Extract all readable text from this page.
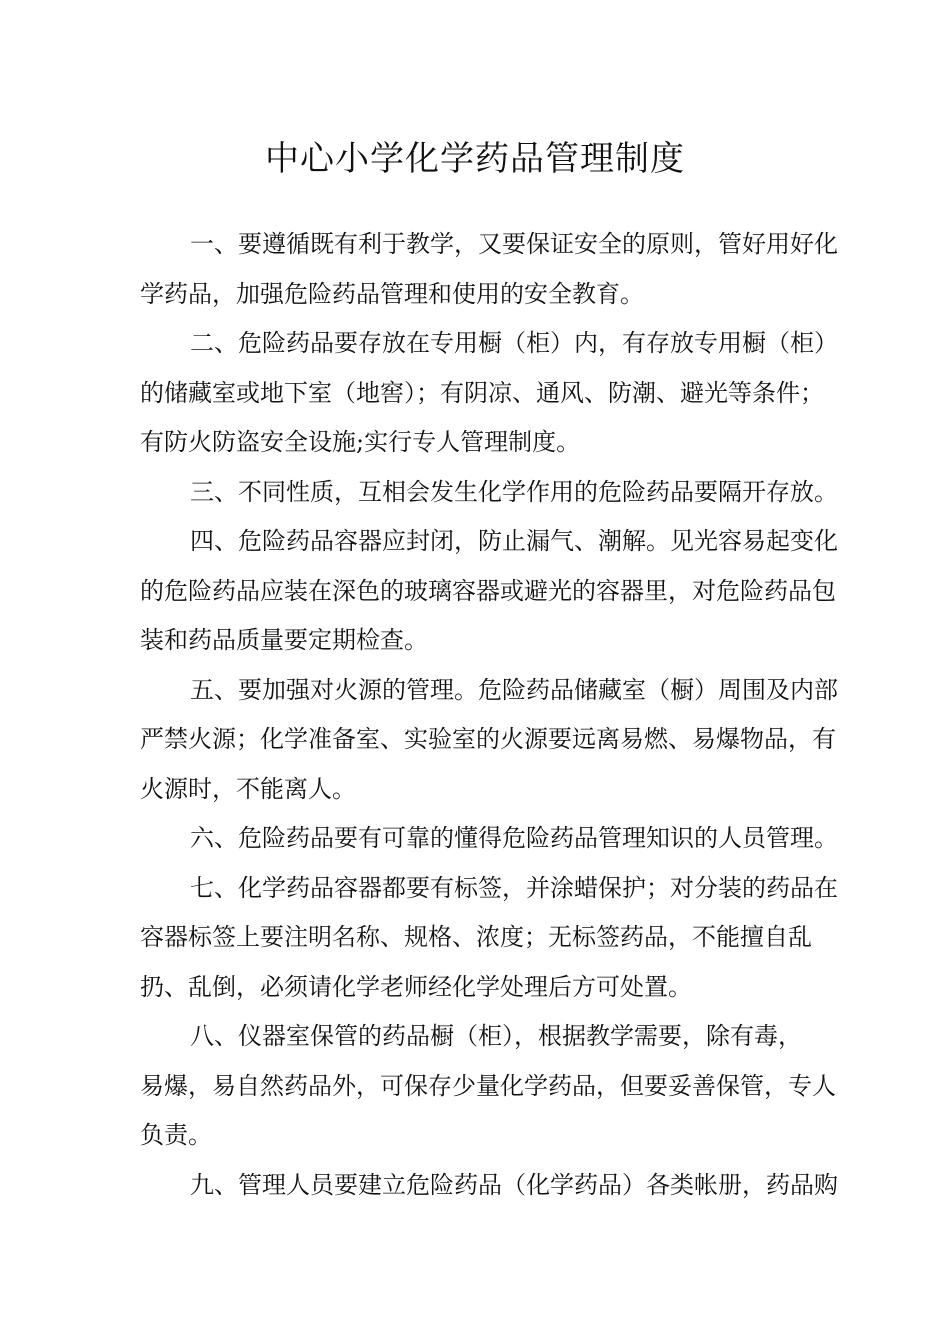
中心小学化学药品管理制度

一、要遵循既有利于教学，又要保证安全的原则，管好用好化
学药品，加强危险药品管理和使用的安全教育。

二、危险药品要存放在专用橱（柜）内，有存放专用橱（柜）
的储藏室或地下室（地窖）；有阴凉、通风、防潮、避光等条件；
有防火防盗安全设施;实行专人管理制度。

三、不同性质，互相会发生化学作用的危险药品要隔开存放。

四、危险药品容器应封闭，防止漏气、潮解。见光容易起变化
的危险药品应装在深色的玻璃容器或避光的容器里，对危险药品包
装和药品质量要定期检查。

五、要加强对火源的管理。危险药品储藏室（橱）周围及内部
严禁火源；化学准备室、实验室的火源要远离易燃、易爆物品，有
火源时，不能离人。

六、危险药品要有可靠的懂得危险药品管理知识的人员管理。

七、化学药品容器都要有标签，并涂蜡保护；对分装的药品在
容器标签上要注明名称、规格、浓度；无标签药品，不能擅自乱
扔、乱倒，必须请化学老师经化学处理后方可处置。

八、仪器室保管的药品橱（柜），根据教学需要，除有毒，
易爆，易自然药品外，可保存少量化学药品，但要妥善保管，专人
负责。

九、管理人员要建立危险药品（化学药品）各类帐册，药品购
